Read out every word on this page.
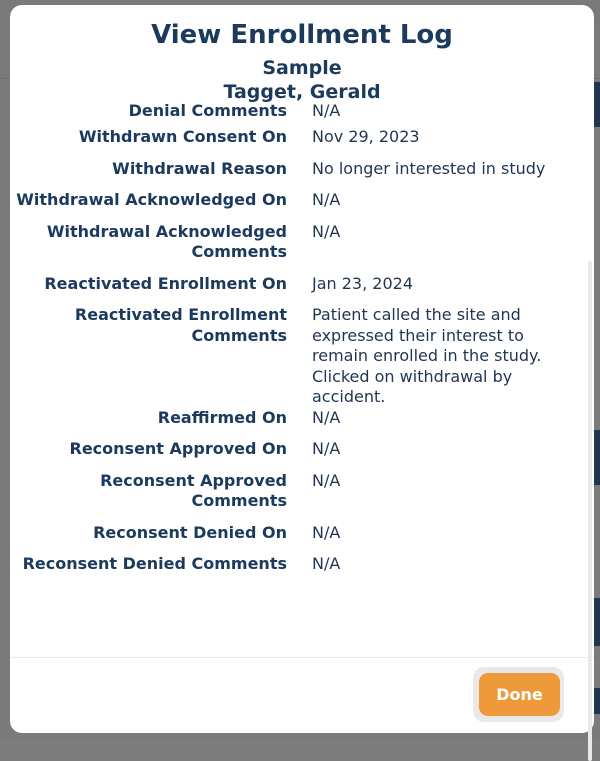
View Enrollment Log
Sample
Tagget, Gerald
Denial Comments N/A
Withdrawn Consent On Nov 29, 2023
Withdrawal Reason No longer interested in study
Withdrawal Acknowledged On N/A
Withdrawal Acknowledged Comments
N/A
Reactivated Enrollment On Jan 23, 2024
Reactivated Enrollment Comments
Patient called the site and expressed their interest to remain enrolled in the study. Clicked on withdrawal by accident.
Reaffirmed On N/A
Reconsent Approved On N/A
Reconsent Approved Comments
N/A
Reconsent Denied On N/A
Reconsent Denied Comments N/A
Done
